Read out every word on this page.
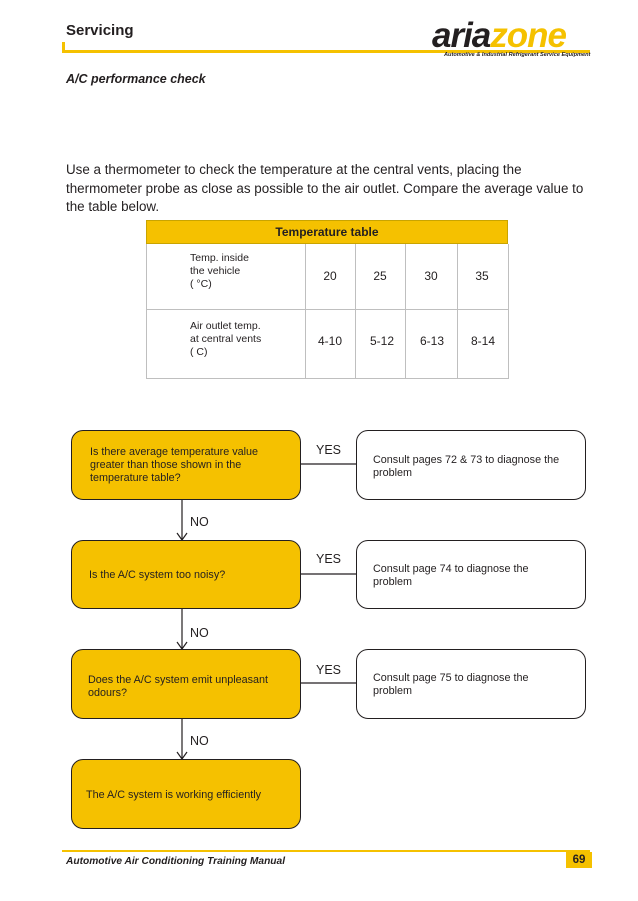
Servicing	ariazone
Automotive & Industrial Refrigerant Service Equipment
A/C performance check
Use a thermometer to check the temperature at the central vents, placing the thermometer probe as close as possible to the air outlet. Compare the average value to the table below.
Temperature table
Temp. inside
the vehicle
( °C)
20	25	30	35
Air outlet temp.
at central vents
( C)
4-10	5-12	6-13	8-14
Is there average temperature value greater than those shown in the temperature table?
YES
Consult pages 72 & 73 to diagnose the problem
NO
Is the A/C system too noisy?
YES
Consult page 74 to diagnose the problem
NO
Does the A/C system emit unpleasant odours?
YES
Consult page 75 to diagnose the problem
NO
The A/C system is working efficiently
Automotive Air Conditioning Training Manual	69
